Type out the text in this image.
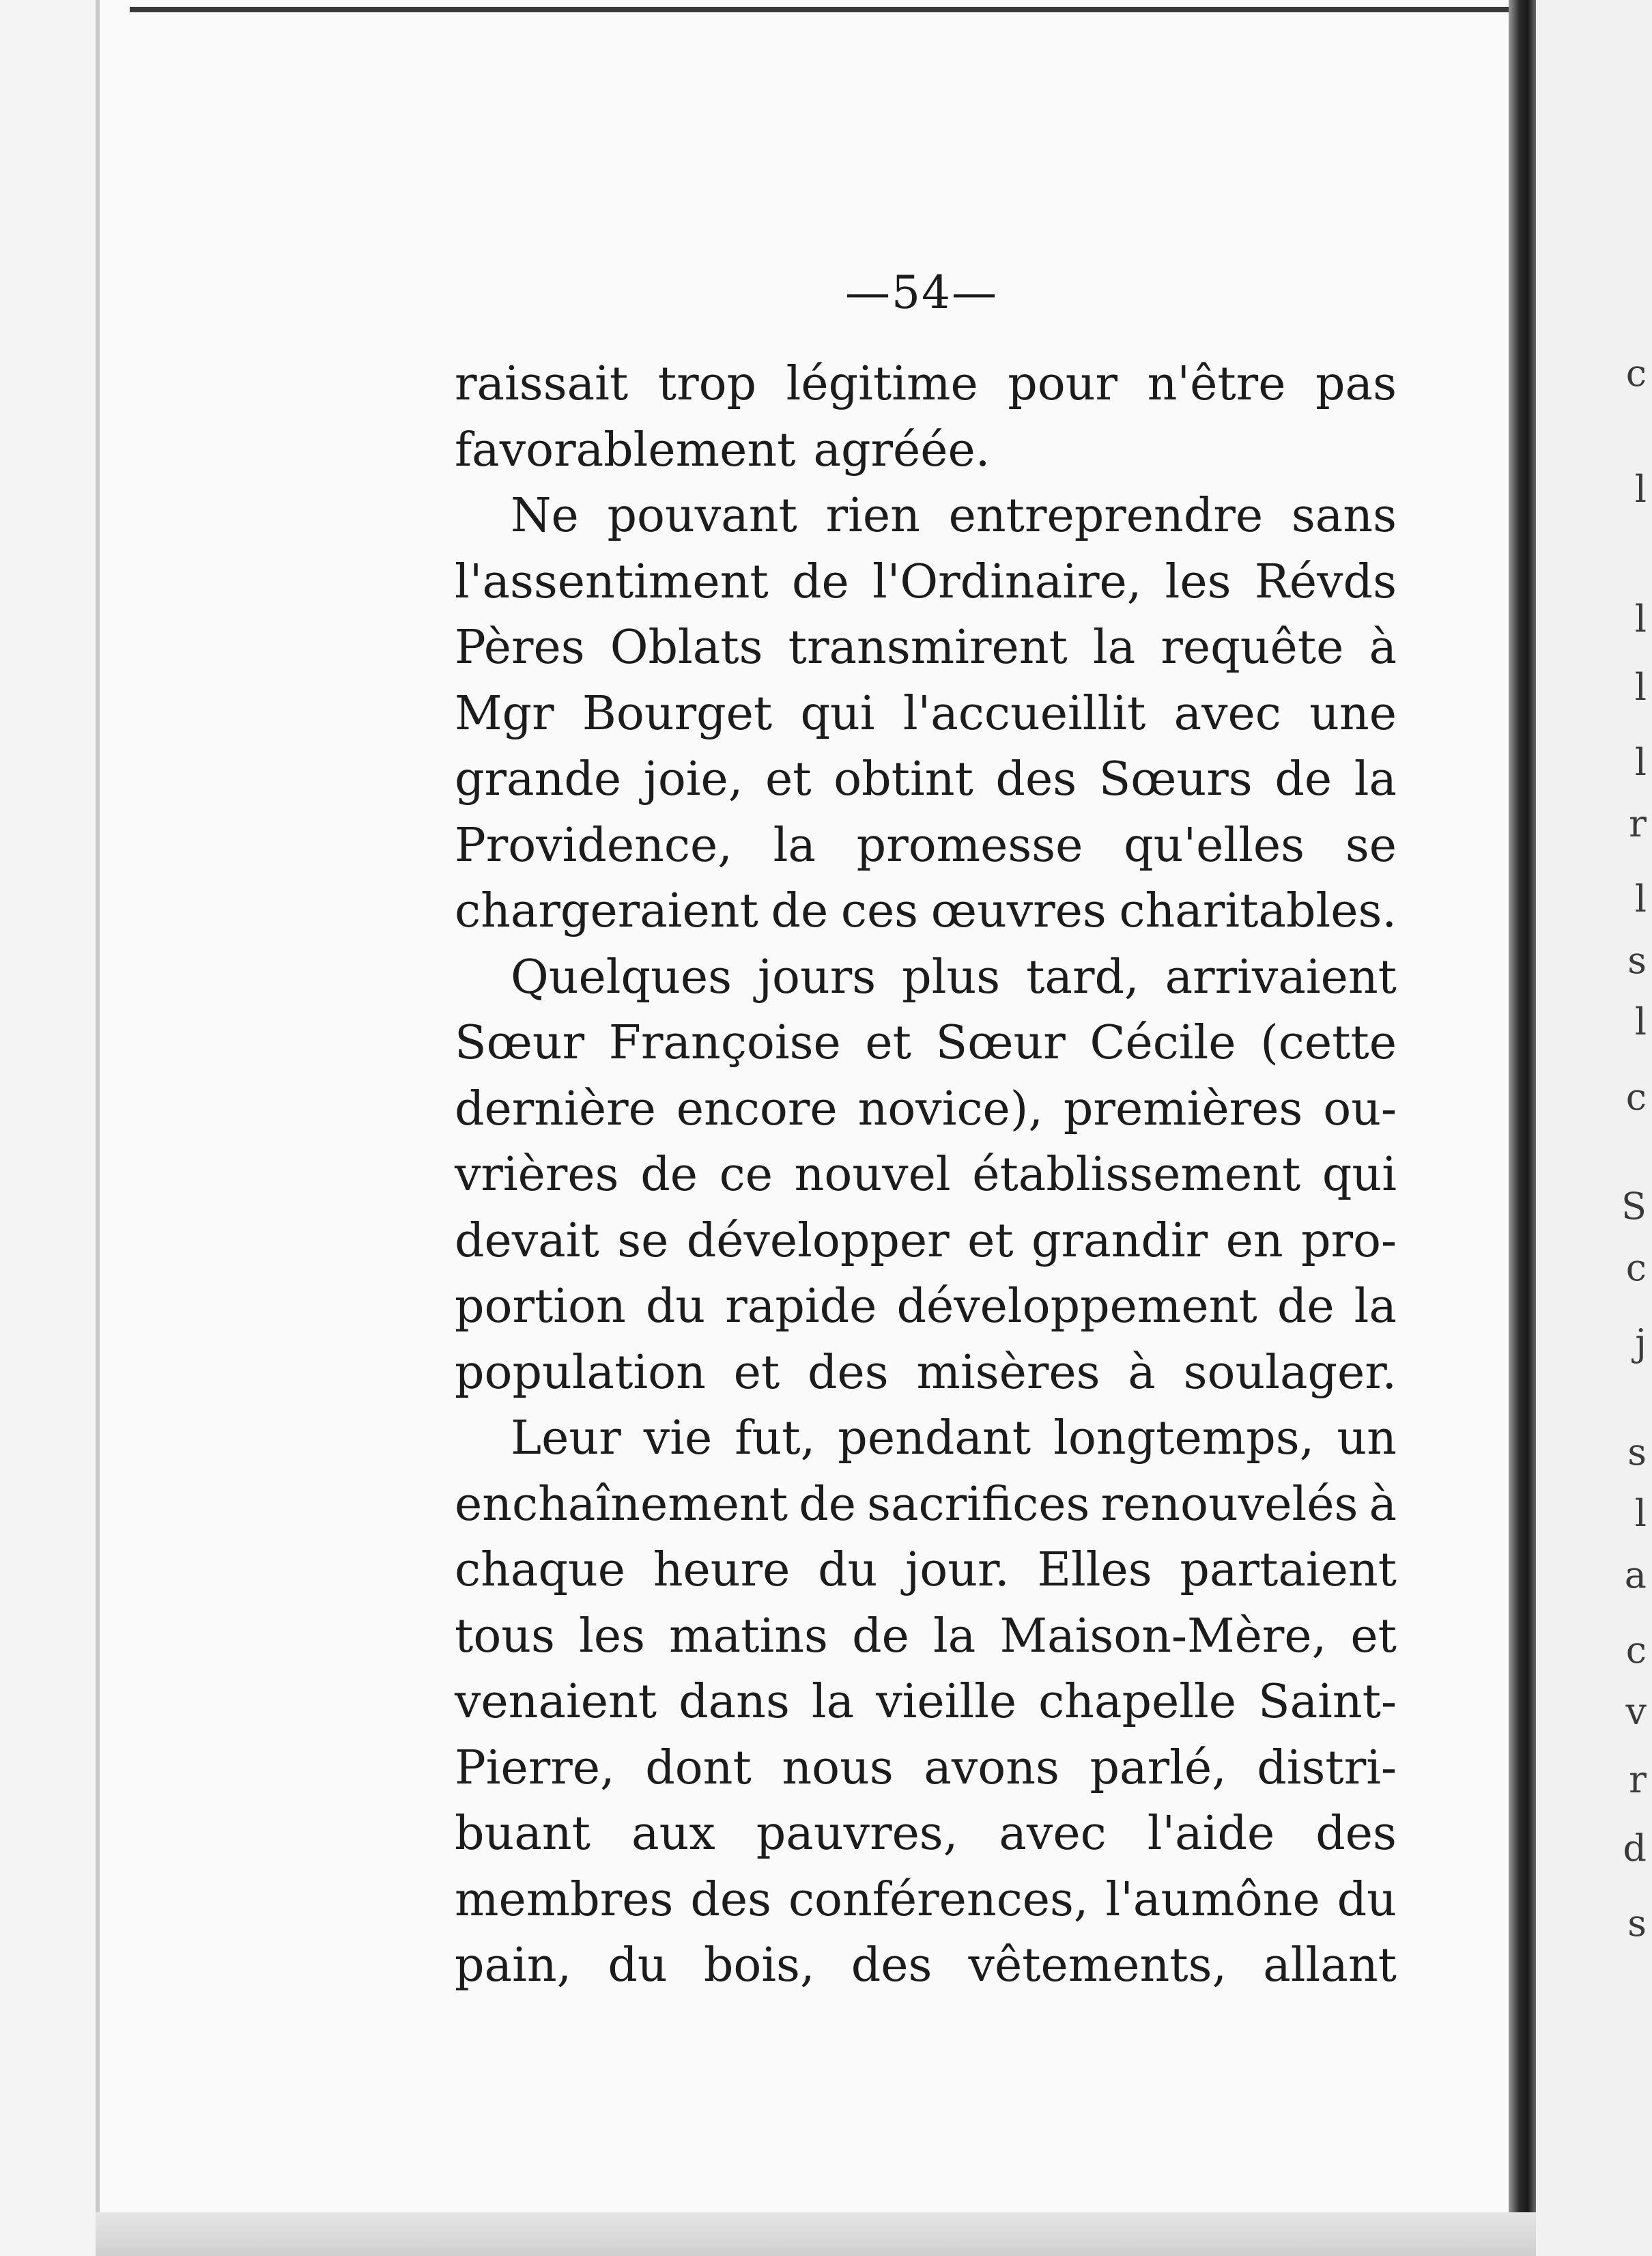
c
l
l
l
l
r
l
s
l
c
S
c
j
s
l
a
c
v
r
d
s
—54—
raissait trop légitime pour n'être pas
favorablement agréée.
Ne pouvant rien entreprendre sans
l'assentiment de l'Ordinaire, les Révds
Pères Oblats transmirent la requête à
Mgr Bourget qui l'accueillit avec une
grande joie, et obtint des Sœurs de la
Providence, la promesse qu'elles se
chargeraient de ces œuvres charitables.
Quelques jours plus tard, arrivaient
Sœur Françoise et Sœur Cécile (cette
dernière encore novice), premières ou-
vrières de ce nouvel établissement qui
devait se développer et grandir en pro-
portion du rapide développement de la
population et des misères à soulager.
Leur vie fut, pendant longtemps, un
enchaînement de sacrifices renouvelés à
chaque heure du jour. Elles partaient
tous les matins de la Maison-Mère, et
venaient dans la vieille chapelle Saint-
Pierre, dont nous avons parlé, distri-
buant aux pauvres, avec l'aide des
membres des conférences, l'aumône du
pain, du bois, des vêtements, allant
